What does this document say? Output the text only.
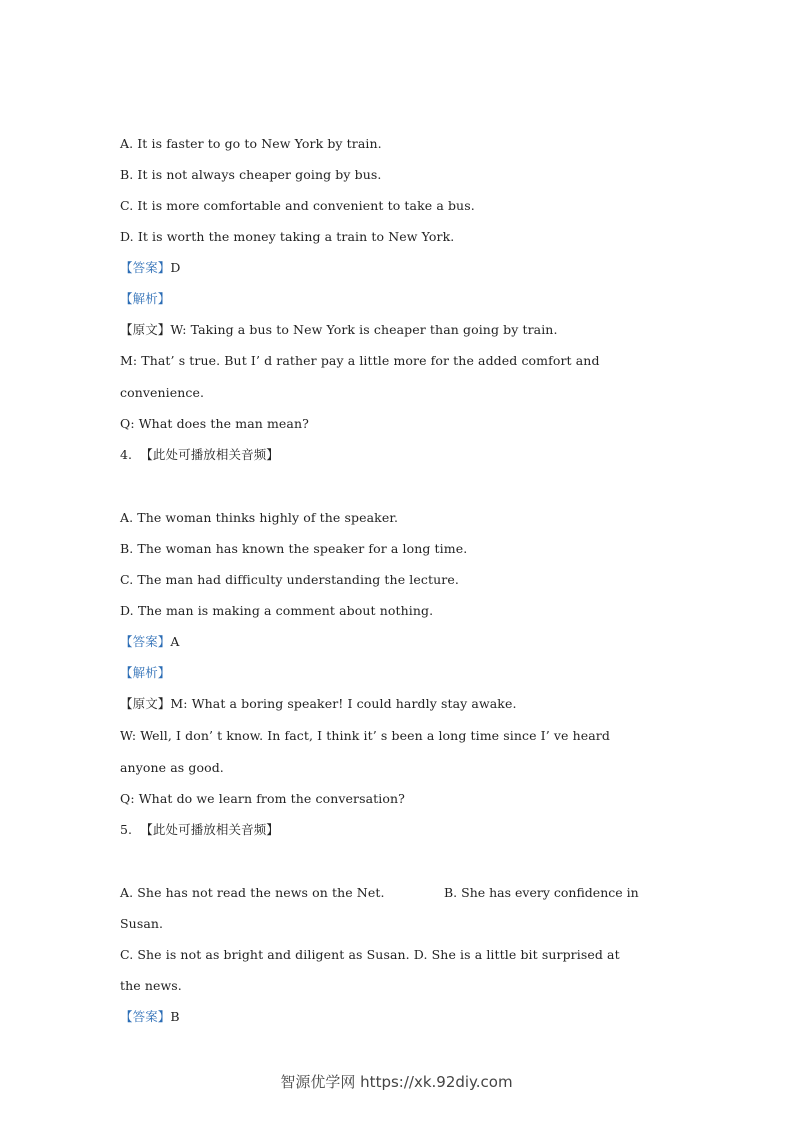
A. It is faster to go to New York by train.
B. It is not always cheaper going by bus.
C. It is more comfortable and convenient to take a bus.
D. It is worth the money taking a train to New York.
【答案】D
【解析】
【原文】W: Taking a bus to New York is cheaper than going by train.
M: That’ s true. But I’ d rather pay a little more for the added comfort and
convenience.
Q: What does the man mean?
4. 【此处可播放相关音频】
A. The woman thinks highly of the speaker.
B. The woman has known the speaker for a long time.
C. The man had difficulty understanding the lecture.
D. The man is making a comment about nothing.
【答案】A
【解析】
【原文】M: What a boring speaker! I could hardly stay awake.
W: Well, I don’ t know. In fact, I think it’ s been a long time since I’ ve heard
anyone as good.
Q: What do we learn from the conversation?
5. 【此处可播放相关音频】
A. She has not read the news on the Net.	B. She has every confidence in
Susan.
C. She is not as bright and diligent as Susan. D. She is a little bit surprised at
the news.
【答案】B
智源优学网 https://xk.92diy.com
